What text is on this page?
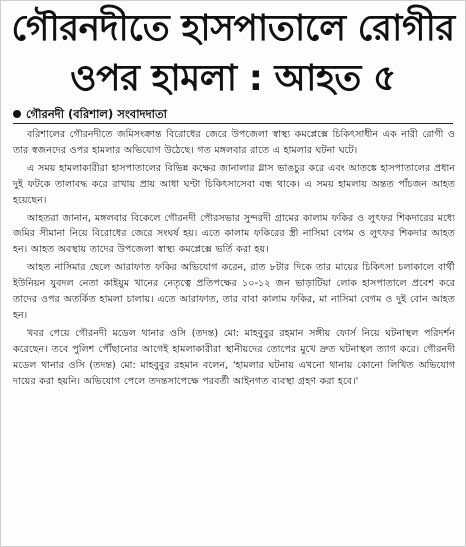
গৌরনদীতে হাসপাতালে রোগীর
ওপর হামলা : আহত ৫
গৌরনদী (বরিশাল) সংবাদদাতা

বরিশালের গৌরনদীতে জমিসংক্রান্ত বিরোধের জেরে উপজেলা স্বাস্থ্য কমপ্লেক্সে চিকিৎসাধীন এক নারী রোগী ও তার স্বজনদের ওপর হামলার অভিযোগ উঠেছে। গত মঙ্গলবার রাতে এ হামলার ঘটনা ঘটে।

এ সময় হামলাকারীরা হাসপাতালের বিভিন্ন কক্ষের জানালার গ্লাস ভাঙচুর করে এবং আতঙ্কে হাসপাতালের প্রধান দুই ফটকে তালাবদ্ধ করে রাখায় প্রায় আধা ঘণ্টা চিকিৎসাসেবা বন্ধ থাকে। এ সময় হামলায় অন্তত পাঁচজন আহত হয়েছেন।

আহতরা জানান, মঙ্গলবার বিকেলে গৌরনদী পৌরসভার সুন্দরদী গ্রামের কালাম ফকির ও লুৎফর শিকদারের মধ্যে জমির সীমানা নিয়ে বিরোধের জেরে সংঘর্ষ হয়। এতে কালাম ফকিরের স্ত্রী নাসিমা বেগম ও লুৎফর শিকদার আহত হন। আহত অবস্থায় তাদের উপজেলা স্বাস্থ্য কমপ্লেক্সে ভর্তি করা হয়।

আহত নাসিমার ছেলে আরাফাত ফকির অভিযোগ করেন, রাত ৮টার দিকে তার মায়ের চিকিৎসা চলাকালে বার্থী ইউনিয়ন যুবদল নেতা কাইয়ুম খানের নেতৃত্বে প্রতিপক্ষের ১০-১২ জন ভাড়াটিয়া লোক হাসপাতালে প্রবেশ করে তাদের ওপর অতর্কিত হামলা চালায়। এতে আরাফাত, তার বাবা কালাম ফকির, মা নাসিমা বেগম ও দুই বোন আহত হন।

খবর পেয়ে গৌরনদী মডেল থানার ওসি (তদন্ত) মো: মাহবুবুর রহমান সঙ্গীয় ফোর্স নিয়ে ঘটনাস্থল পরিদর্শন করেছেন। তবে পুলিশ পৌঁছানোর আগেই হামলাকারীরা স্থানীয়দের তোপের মুখে দ্রুত ঘটনাস্থল ত্যাগ করে। গৌরনদী মডেল থানার ওসি (তদন্ত) মো: মাহবুবুর রহমান বলেন, 'হামলার ঘটনায় এখনো থানায় কোনো লিখিত অভিযোগ দায়ের করা হয়নি। অভিযোগ পেলে তদন্তসাপেক্ষে পরবর্তী আইনগত ব্যবস্থা গ্রহণ করা হবে।'
